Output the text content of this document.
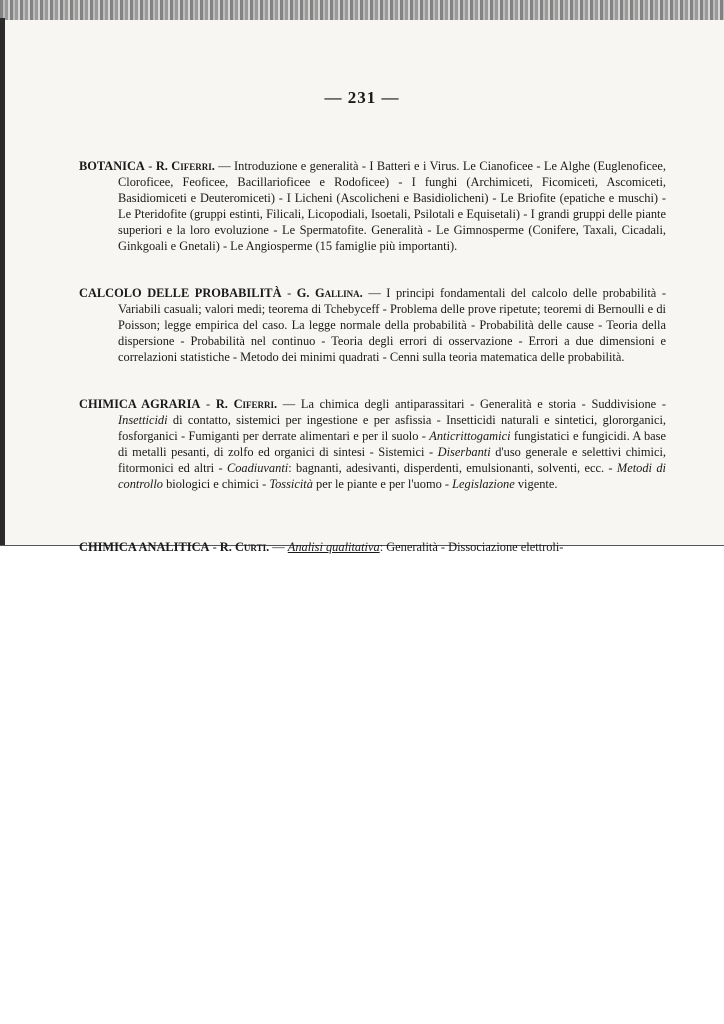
— 231 —

BOTANICA - R. Ciferri. — Introduzione e generalità - I Batteri e i Virus. Le Cianoficee - Le Alghe (Euglenoficee, Cloroficee, Feoficee, Bacillarioficee e Rodoficee) - I funghi (Archimiceti, Ficomiceti, Ascomiceti, Basidiomiceti e Deuteromiceti) - I Licheni (Ascolicheni e Basidiolicheni) - Le Briofite (epatiche e muschi) - Le Pteridofite (gruppi estinti, Filicali, Licopodiali, Isoetali, Psilotali e Equisetali) - I grandi gruppi delle piante superiori e la loro evoluzione - Le Spermatofite. Generalità - Le Gimnosperme (Conifere, Taxali, Cicadali, Ginkgoali e Gnetali) - Le Angiosperme (15 famiglie più importanti).

CALCOLO DELLE PROBABILITÀ - G. Gallina. — I principi fondamentali del calcolo delle probabilità - Variabili casuali; valori medi; teorema di Tchebyceff - Problema delle prove ripetute; teoremi di Bernoulli e di Poisson; legge empirica del caso. La legge normale della probabilità - Probabilità delle cause - Teoria della dispersione - Probabilità nel continuo - Teoria degli errori di osservazione - Errori a due dimensioni e correlazioni statistiche - Metodo dei minimi quadrati - Cenni sulla teoria matematica delle probabilità.

CHIMICA AGRARIA - R. Ciferri. — La chimica degli antiparassitari - Generalità e storia - Suddivisione - Insetticidi di contatto, sistemici per ingestione e per asfissia - Insetticidi naturali e sintetici, glororganici, fosforganici - Fumiganti per derrate alimentari e per il suolo - Anticrittogamici fungistatici e fungicidi. A base di metalli pesanti, di zolfo ed organici di sintesi - Sistemici - Diserbanti d'uso generale e selettivi chimici, fitormonici ed altri - Coadiuvanti: bagnanti, adesivanti, disperdenti, emulsionanti, solventi, ecc. - Metodi di controllo biologici e chimici - Tossicità per le piante e per l'uomo - Legislazione vigente.

CHIMICA ANALITICA - R. Curti. — Analisi qualitativa: Generalità - Dissociazione elettroli-
